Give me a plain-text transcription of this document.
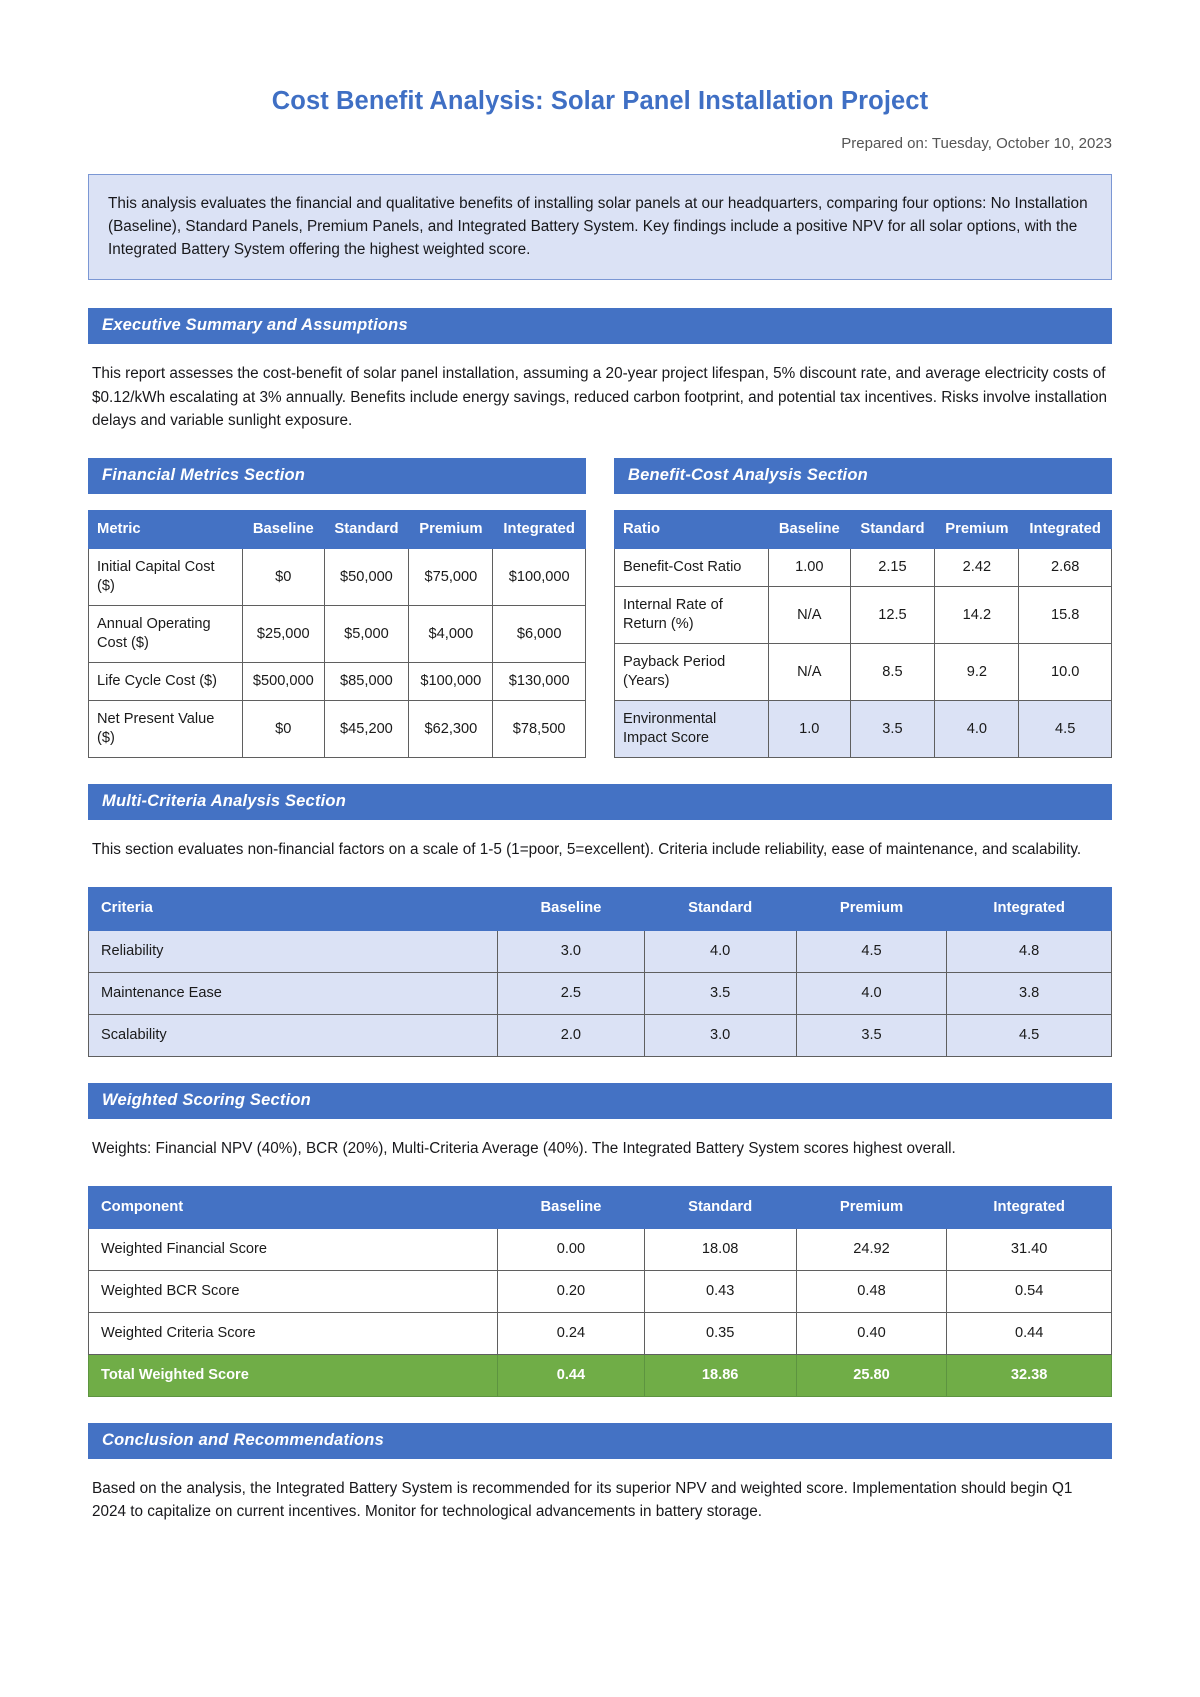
Cost Benefit Analysis: Solar Panel Installation Project
Prepared on: Tuesday, October 10, 2023
This analysis evaluates the financial and qualitative benefits of installing solar panels at our headquarters, comparing four options: No Installation (Baseline), Standard Panels, Premium Panels, and Integrated Battery System. Key findings include a positive NPV for all solar options, with the Integrated Battery System offering the highest weighted score.
Executive Summary and Assumptions

This report assesses the cost-benefit of solar panel installation, assuming a 20-year project lifespan, 5% discount rate, and average electricity costs of $0.12/kWh escalating at 3% annually. Benefits include energy savings, reduced carbon footprint, and potential tax incentives. Risks involve installation delays and variable sunlight exposure.

Financial Metrics Section
Metric	Baseline	Standard	Premium	Integrated
Initial Capital Cost ($)	$0	$50,000	$75,000	$100,000
Annual Operating Cost ($)	$25,000	$5,000	$4,000	$6,000
Life Cycle Cost ($)	$500,000	$85,000	$100,000	$130,000
Net Present Value ($)	$0	$45,200	$62,300	$78,500
Benefit-Cost Analysis Section
Ratio	Baseline	Standard	Premium	Integrated
Benefit-Cost Ratio	1.00	2.15	2.42	2.68
Internal Rate of Return (%)	N/A	12.5	14.2	15.8
Payback Period (Years)	N/A	8.5	9.2	10.0
Environmental Impact Score	1.0	3.5	4.0	4.5
Multi-Criteria Analysis Section

This section evaluates non-financial factors on a scale of 1-5 (1=poor, 5=excellent). Criteria include reliability, ease of maintenance, and scalability.

Criteria	Baseline	Standard	Premium	Integrated
Reliability	3.0	4.0	4.5	4.8
Maintenance Ease	2.5	3.5	4.0	3.8
Scalability	2.0	3.0	3.5	4.5
Weighted Scoring Section

Weights: Financial NPV (40%), BCR (20%), Multi-Criteria Average (40%). The Integrated Battery System scores highest overall.

Component	Baseline	Standard	Premium	Integrated
Weighted Financial Score	0.00	18.08	24.92	31.40
Weighted BCR Score	0.20	0.43	0.48	0.54
Weighted Criteria Score	0.24	0.35	0.40	0.44
Total Weighted Score	0.44	18.86	25.80	32.38
Conclusion and Recommendations

Based on the analysis, the Integrated Battery System is recommended for its superior NPV and weighted score. Implementation should begin Q1 2024 to capitalize on current incentives. Monitor for technological advancements in battery storage.
